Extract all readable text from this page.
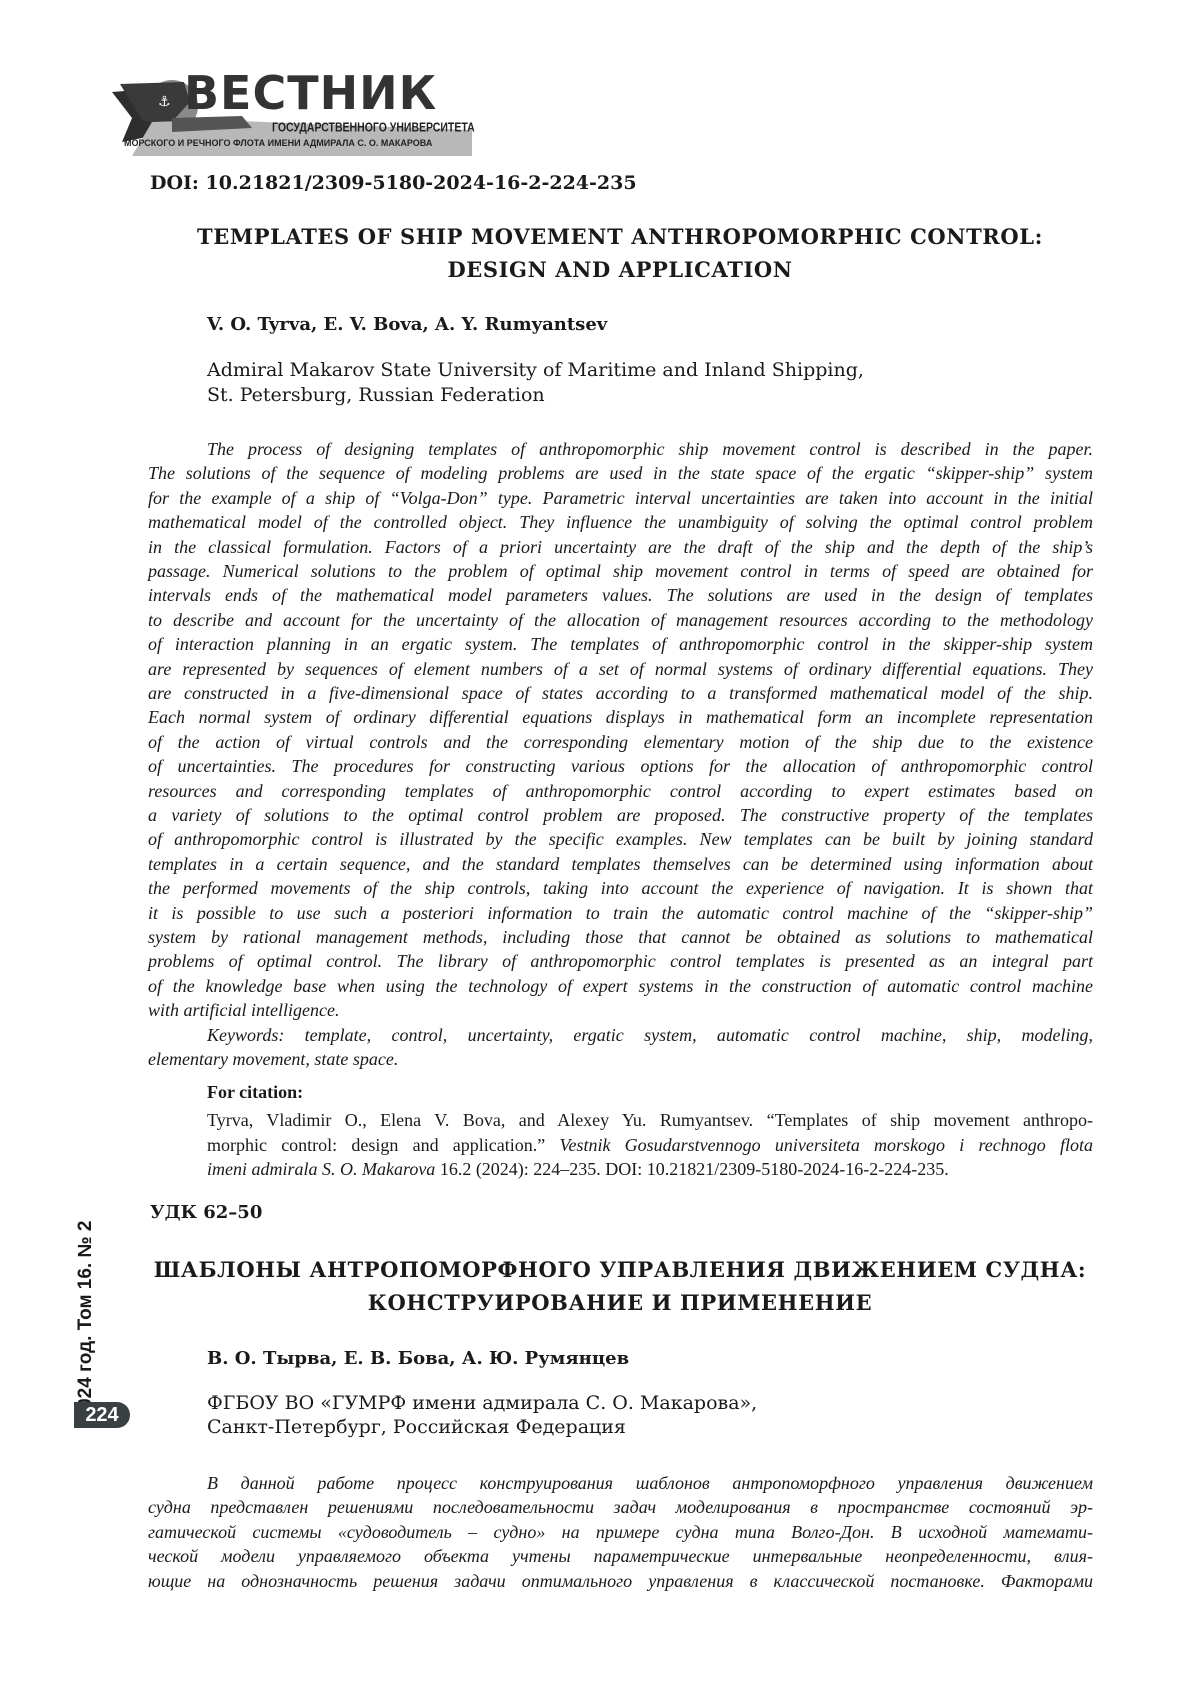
⚓ ВЕСТНИК
ГОСУДАРСТВЕННОГО УНИВЕРСИТЕТА
МОРСКОГО И РЕЧНОГО ФЛОТА ИМЕНИ АДМИРАЛА С. О. МАКАРОВА
DOI: 10.21821/2309-5180-2024-16-2-224-235
TEMPLATES OF SHIP MOVEMENT ANTHROPOMORPHIC CONTROL:
DESIGN AND APPLICATION
V. O. Tyrva, E. V. Bova, A. Y. Rumyantsev
Admiral Makarov State University of Maritime and Inland Shipping,
St. Petersburg, Russian Federation
The process of designing templates of anthropomorphic ship movement control is described in the paper.
The solutions of the sequence of modeling problems are used in the state space of the ergatic “skipper-ship” system
for the example of a ship of “Volga-Don” type. Parametric interval uncertainties are taken into account in the initial
mathematical model of the controlled object. They influence the unambiguity of solving the optimal control problem
in the classical formulation. Factors of a priori uncertainty are the draft of the ship and the depth of the ship’s
passage. Numerical solutions to the problem of optimal ship movement control in terms of speed are obtained for
intervals ends of the mathematical model parameters values. The solutions are used in the design of templates
to describe and account for the uncertainty of the allocation of management resources according to the methodology
of interaction planning in an ergatic system. The templates of anthropomorphic control in the skipper-ship system
are represented by sequences of element numbers of a set of normal systems of ordinary differential equations. They
are constructed in a five-dimensional space of states according to a transformed mathematical model of the ship.
Each normal system of ordinary differential equations displays in mathematical form an incomplete representation
of the action of virtual controls and the corresponding elementary motion of the ship due to the existence
of uncertainties. The procedures for constructing various options for the allocation of anthropomorphic control
resources and corresponding templates of anthropomorphic control according to expert estimates based on
a variety of solutions to the optimal control problem are proposed. The constructive property of the templates
of anthropomorphic control is illustrated by the specific examples. New templates can be built by joining standard
templates in a certain sequence, and the standard templates themselves can be determined using information about
the performed movements of the ship controls, taking into account the experience of navigation. It is shown that
it is possible to use such a posteriori information to train the automatic control machine of the “skipper-ship”
system by rational management methods, including those that cannot be obtained as solutions to mathematical
problems of optimal control. The library of anthropomorphic control templates is presented as an integral part
of the knowledge base when using the technology of expert systems in the construction of automatic control machine
with artificial intelligence.
Keywords: template, control, uncertainty, ergatic system, automatic control machine, ship, modeling,
elementary movement, state space.
For citation:
Tyrva, Vladimir O., Elena V. Bova, and Alexey Yu. Rumyantsev. “Templates of ship movement anthropo-
morphic control: design and application.” Vestnik Gosudarstvennogo universiteta morskogo i rechnogo flota
imeni admirala S. O. Makarova 16.2 (2024): 224–235. DOI: 10.21821/2309-5180-2024-16-2-224-235.
УДК 62–50
ШАБЛОНЫ АНТРОПОМОРФНОГО УПРАВЛЕНИЯ ДВИЖЕНИЕМ СУДНА:
КОНСТРУИРОВАНИЕ И ПРИМЕНЕНИЕ
В. О. Тырва, Е. В. Бова, А. Ю. Румянцев
ФГБОУ ВО «ГУМРФ имени адмирала С. О. Макарова»,
Санкт-Петербург, Российская Федерация
В данной работе процесс конструирования шаблонов антропоморфного управления движением
судна представлен решениями последовательности задач моделирования в пространстве состояний эр-
гатической системы «судоводитель – судно» на примере судна типа Волго-Дон. В исходной математи-
ческой модели управляемого объекта учтены параметрические интервальные неопределенности, влия-
ющие на однозначность решения задачи оптимального управления в классической постановке. Факторами
2024 год. Том 16. № 2
224
